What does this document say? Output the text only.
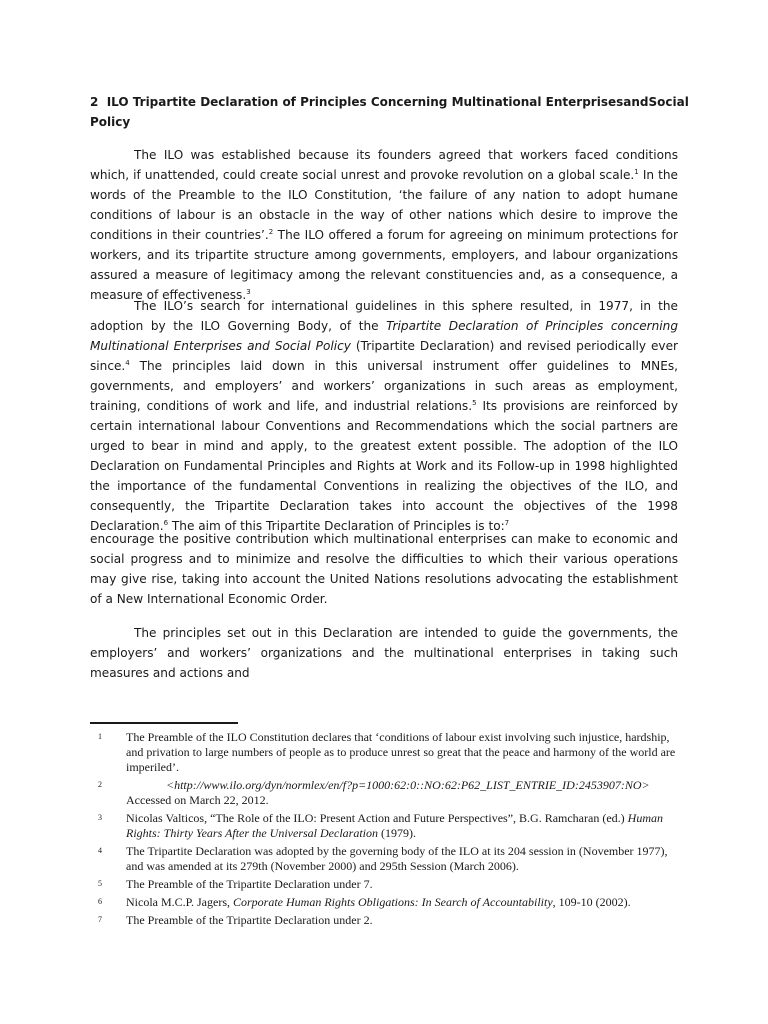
2 ILO Tripartite Declaration of Principles Concerning Multinational Enterprises and Social
Policy

The ILO was established because its founders agreed that workers faced conditions which, if unattended, could create social unrest and provoke revolution on a global scale.$^1$ In the words of the Preamble to the ILO Constitution, ‘the failure of any nation to adopt humane conditions of labour is an obstacle in the way of other nations which desire to improve the conditions in their countries’.$^2$ The ILO offered a forum for agreeing on minimum protections for workers, and its tripartite structure among governments, employers, and labour organizations assured a measure of legitimacy among the relevant constituencies and, as a consequence, a measure of effectiveness.$^3$

The ILO’s search for international guidelines in this sphere resulted, in 1977, in the adoption by the ILO Governing Body, of the Tripartite Declaration of Principles concerning Multinational Enterprises and Social Policy (Tripartite Declaration) and revised periodically ever since.$^4$ The principles laid down in this universal instrument offer guidelines to MNEs, governments, and employers’ and workers’ organizations in such areas as employment, training, conditions of work and life, and industrial relations.$^5$ Its provisions are reinforced by certain international labour Conventions and Recommendations which the social partners are urged to bear in mind and apply, to the greatest extent possible. The adoption of the ILO Declaration on Fundamental Principles and Rights at Work and its Follow-up in 1998 highlighted the importance of the fundamental Conventions in realizing the objectives of the ILO, and consequently, the Tripartite Declaration takes into account the objectives of the 1998 Declaration.$^6$ The aim of this Tripartite Declaration of Principles is to:$^7$

encourage the positive contribution which multinational enterprises can make to economic and social progress and to minimize and resolve the difficulties to which their various operations may give rise, taking into account the United Nations resolutions advocating the establishment of a New International Economic Order.

The principles set out in this Declaration are intended to guide the governments, the employers’ and workers’ organizations and the multinational enterprises in taking such measures and actions and

1	The Preamble of the ILO Constitution declares that ‘conditions of labour exist involving such injustice, hardship, and privation to large numbers of people as to produce unrest so great that the peace and harmony of the world are imperiled’.
2	<http://www.ilo.org/dyn/normlex/en/f?p=1000:62:0::NO:62:P62_LIST_ENTRIE_ID:2453907:NO>
Accessed on March 22, 2012.
3	Nicolas Valticos, “The Role of the ILO: Present Action and Future Perspectives”, B.G. Ramcharan (ed.) Human Rights: Thirty Years After the Universal Declaration (1979).
4	The Tripartite Declaration was adopted by the governing body of the ILO at its 204 session in (November 1977), and was amended at its 279th (November 2000) and 295th Session (March 2006).
5	The Preamble of the Tripartite Declaration under 7.
6	Nicola M.C.P. Jagers, Corporate Human Rights Obligations: In Search of Accountability, 109-10 (2002).
7	The Preamble of the Tripartite Declaration under 2.
